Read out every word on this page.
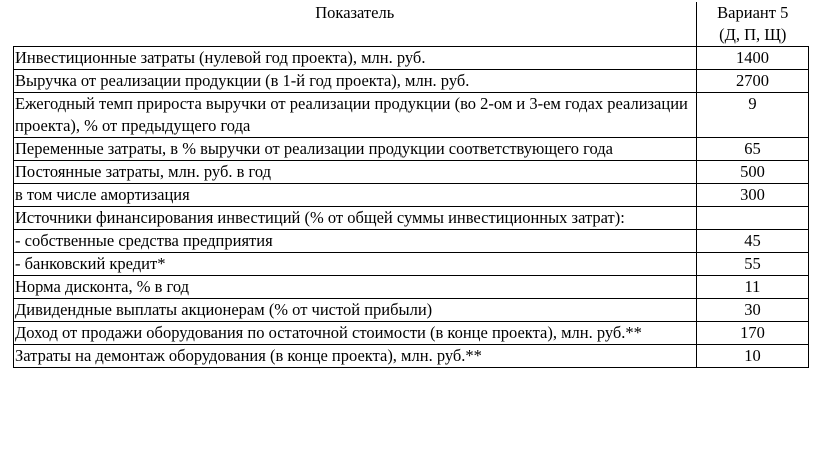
Показатель	Вариант 5
(Д, П, Щ)

Инвестиционные затраты (нулевой год проекта), млн. руб.	1400
Выручка от реализации продукции (в 1-й год проекта), млн. руб.	2700
Ежегодный темп прироста выручки от реализации продукции (во 2-ом и 3-ем годах реализации проекта), % от предыдущего года	9
Переменные затраты, в % выручки от реализации продукции соответствующего года	65
Постоянные затраты, млн. руб. в год	500
в том числе амортизация	300
Источники финансирования инвестиций (% от общей суммы инвестиционных затрат):	
- собственные средства предприятия	45
- банковский кредит*	55
Норма дисконта, % в год	11
Дивидендные выплаты акционерам (% от чистой прибыли)	30
Доход от продажи оборудования по остаточной стоимости (в конце проекта), млн. руб.**	170
Затраты на демонтаж оборудования (в конце проекта), млн. руб.**	10
